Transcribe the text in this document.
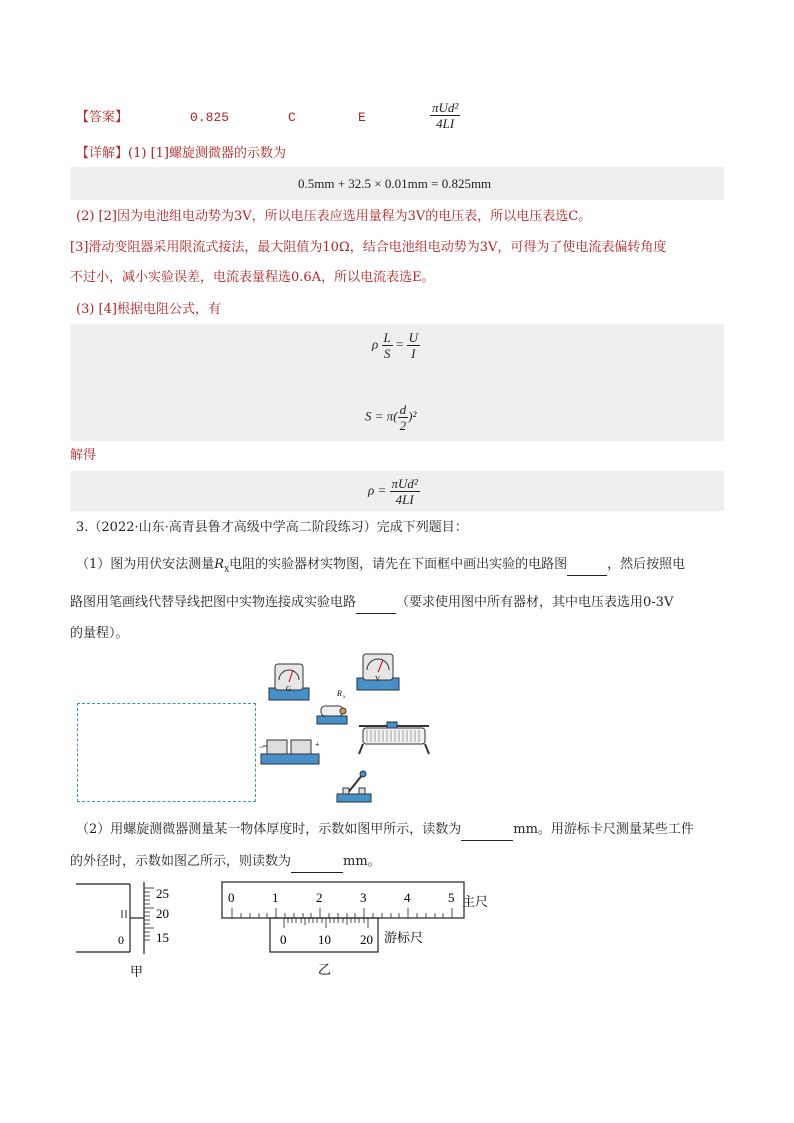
【答案】	0.825	C	E	$\frac{\text{πUd²}}{4LI}$
【详解】(1) [1]螺旋测微器的示数为
0.5mm + 32.5 × 0.01mm = 0.825mm
(2) [2]因为电池组电动势为3V，所以电压表应选用量程为3V的电压表，所以电压表选C。
[3]滑动变阻器采用限流式接法，最大阻值为10Ω，结合电池组电动势为3V，可得为了使电流表偏转角度
不过小，减小实验误差，电流表量程选0.6A，所以电流表选E。
(3) [4]根据电阻公式，有
ρ $\frac{L}{S} = \frac{U}{I}$
$S = \pi( \frac{d}{2} )^2$
解得
$\rho = \frac{\text{πUd²}}{4LI}$
3.（2022·山东·高青县鲁才高级中学高二阶段练习）完成下列题目：
（1）图为用伏安法测量$R_x$电阻的实验器材实物图，请先在下面框中画出实验的电路图	，然后按照电
路图用笔画线代替导线把图中实物连接成实验电路	（要求使用图中所有器材，其中电压表选用0-3V
的量程）。
G
V
R x
−	+
（2）用螺旋测微器测量某一物体厚度时，示数如图甲所示，读数为	mm。用游标卡尺测量某些工件
的外径时，示数如图乙所示，则读数为	mm。
25
20
15
0
甲
0	1	2	3	4	5 主尺
0 10 20 游标尺
乙
